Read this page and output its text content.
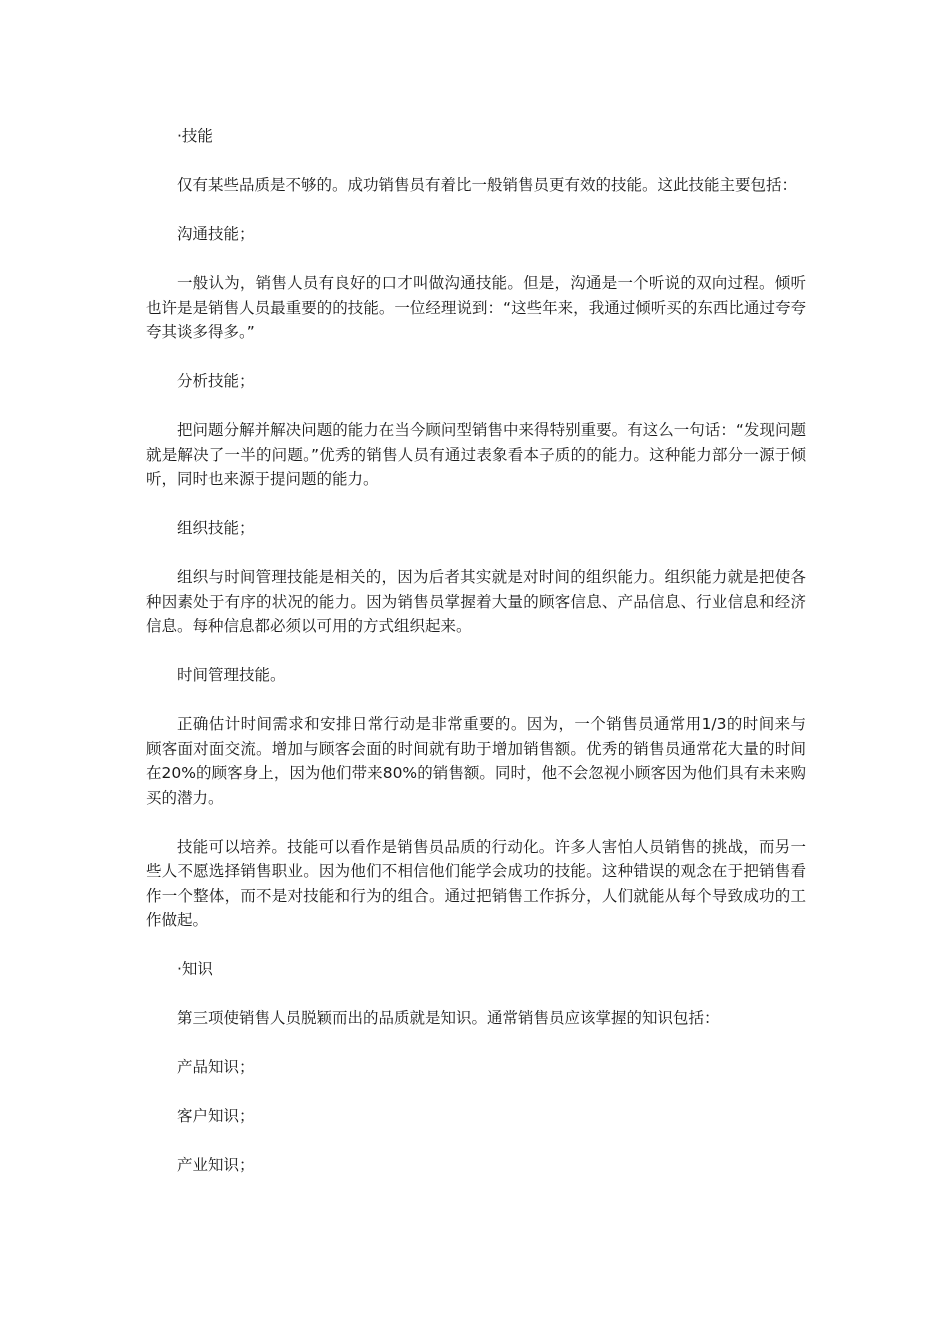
·技能

仅有某些品质是不够的。成功销售员有着比一般销售员更有效的技能。这此技能主要包括：

沟通技能；

一般认为，销售人员有良好的口才叫做沟通技能。但是，沟通是一个听说的双向过程。倾听也许是是销售人员最重要的的技能。一位经理说到：“这些年来，我通过倾听买的东西比通过夸夸夸其谈多得多。”

分析技能；

把问题分解并解决问题的能力在当今顾问型销售中来得特别重要。有这么一句话：“发现问题就是解决了一半的问题。”优秀的销售人员有通过表象看本子质的的能力。这种能力部分一源于倾听，同时也来源于提问题的能力。

组织技能；

组织与时间管理技能是相关的，因为后者其实就是对时间的组织能力。组织能力就是把使各种因素处于有序的状况的能力。因为销售员掌握着大量的顾客信息、产品信息、行业信息和经济信息。每种信息都必须以可用的方式组织起来。

时间管理技能。

正确估计时间需求和安排日常行动是非常重要的。因为，一个销售员通常用1/3的时间来与顾客面对面交流。增加与顾客会面的时间就有助于增加销售额。优秀的销售员通常花大量的时间在20%的顾客身上，因为他们带来80%的销售额。同时，他不会忽视小顾客因为他们具有未来购买的潜力。

技能可以培养。技能可以看作是销售员品质的行动化。许多人害怕人员销售的挑战，而另一些人不愿选择销售职业。因为他们不相信他们能学会成功的技能。这种错误的观念在于把销售看作一个整体，而不是对技能和行为的组合。通过把销售工作拆分，人们就能从每个导致成功的工作做起。

·知识

第三项使销售人员脱颖而出的品质就是知识。通常销售员应该掌握的知识包括：

产品知识；

客户知识；

产业知识；
